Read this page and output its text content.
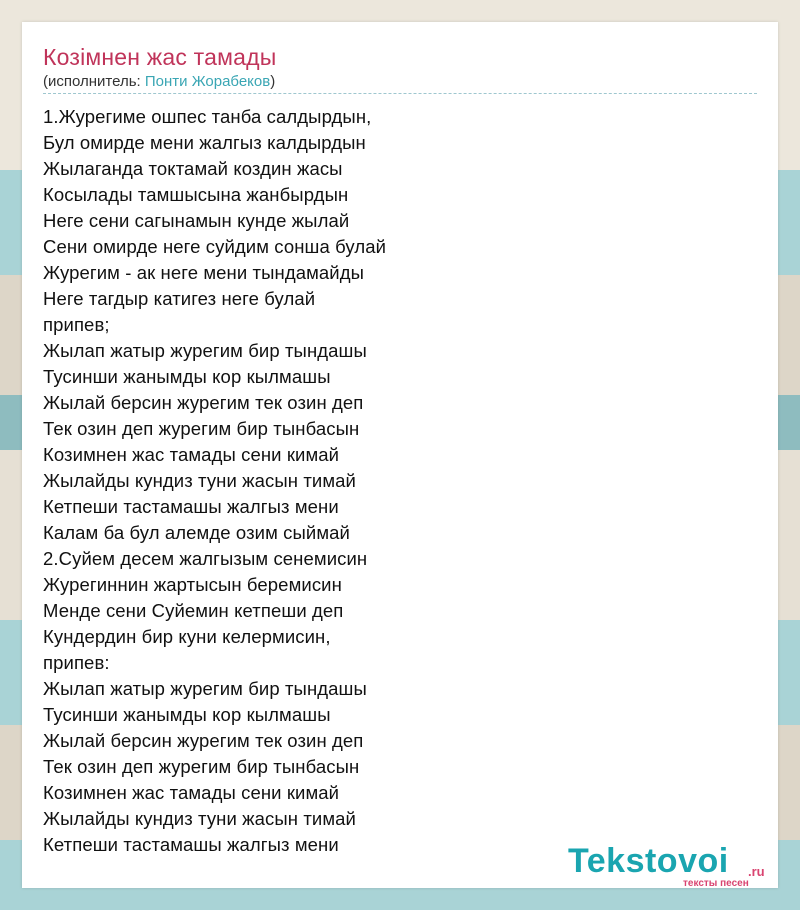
Козімнен жас тамады
(исполнитель: Понти Жорабеков)
1.Журегиме ошпес танба салдырдын,
Бул омирде мени жалгыз калдырдын
Жылаганда токтамай коздин жасы
Косылады тамшысына жанбырдын
Неге сени сагынамын кунде жылай
Сени омирде неге суйдим сонша булай
Журегим - ак неге мени тындамайды
Неге тагдыр катигез неге булай
припев;
Жылап жатыр журегим бир тындашы
Тусинши жанымды кор кылмашы
Жылай берсин журегим тек озин деп
Тек озин деп журегим бир тынбасын
Козимнен жас тамады сени кимай
Жылайды кундиз туни жасын тимай
Кетпеши тастамашы жалгыз мени
Калам ба бул алемде озим сыймай
2.Суйем десем жалгызым сенемисин
Журегиннин жартысын беремисин
Менде сени Суйемин кетпеши деп
Кундердин бир куни келермисин,
припев:
Жылап жатыр журегим бир тындашы
Тусинши жанымды кор кылмашы
Жылай берсин журегим тек озин деп
Тек озин деп журегим бир тынбасын
Козимнен жас тамады сени кимай
Жылайды кундиз туни жасын тимай
Кетпеши тастамашы жалгыз мени	Tekstovoi .ru
тексты песен
